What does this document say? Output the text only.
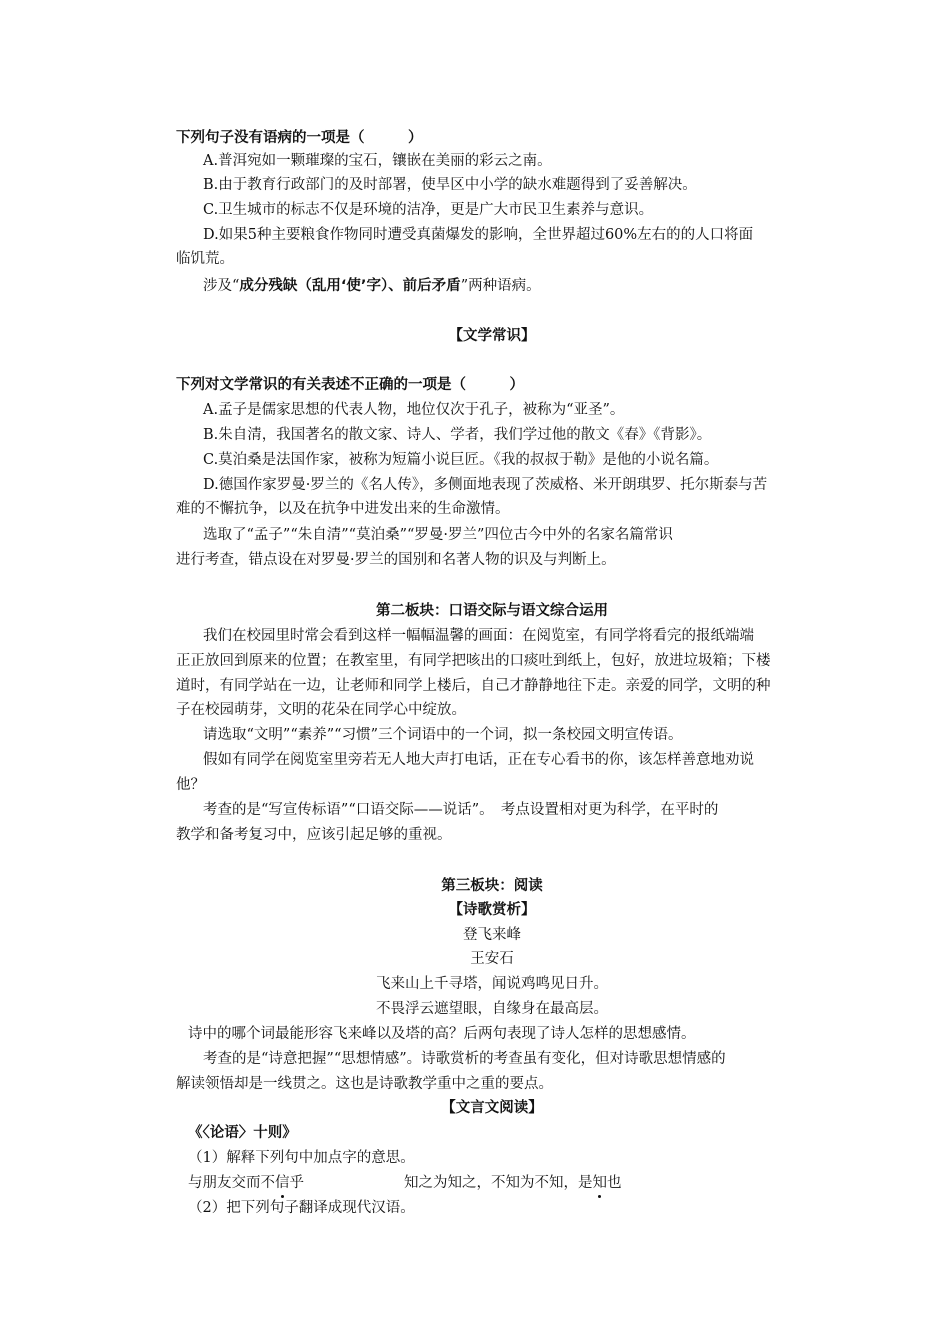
下列句子没有语病的一项是（　　　）
A.普洱宛如一颗璀璨的宝石，镶嵌在美丽的彩云之南。
B.由于教育行政部门的及时部署，使旱区中小学的缺水难题得到了妥善解决。
C.卫生城市的标志不仅是环境的洁净，更是广大市民卫生素养与意识。
D.如果5种主要粮食作物同时遭受真菌爆发的影响，全世界超过60%左右的的人口将面
临饥荒。
涉及“成分残缺（乱用‘使’字）、前后矛盾”两种语病。
【文学常识】
下列对文学常识的有关表述不正确的一项是（　　　）
A.孟子是儒家思想的代表人物，地位仅次于孔子，被称为“亚圣”。
B.朱自清，我国著名的散文家、诗人、学者，我们学过他的散文《春》《背影》。
C.莫泊桑是法国作家，被称为短篇小说巨匠。《我的叔叔于勒》是他的小说名篇。
D.德国作家罗曼·罗兰的《名人传》，多侧面地表现了茨威格、米开朗琪罗、托尔斯泰与苦
难的不懈抗争，以及在抗争中进发出来的生命激情。
选取了“孟子”“朱自清”“莫泊桑”“罗曼·罗兰”四位古今中外的名家名篇常识
进行考查，错点设在对罗曼·罗兰的国别和名著人物的识及与判断上。
第二板块：口语交际与语文综合运用
我们在校园里时常会看到这样一幅幅温馨的画面：在阅览室，有同学将看完的报纸端端
正正放回到原来的位置；在教室里，有同学把咳出的口痰吐到纸上，包好，放进垃圾箱；下楼
道时，有同学站在一边，让老师和同学上楼后，自己才静静地往下走。亲爱的同学，文明的种
子在校园萌芽，文明的花朵在同学心中绽放。
请选取“文明”“素养”“习惯”三个词语中的一个词，拟一条校园文明宣传语。
假如有同学在阅览室里旁若无人地大声打电话，正在专心看书的你，该怎样善意地劝说
他？
考查的是“写宣传标语”“口语交际——说话”。　考点设置相对更为科学，在平时的
教学和备考复习中，应该引起足够的重视。
第三板块：阅读
【诗歌赏析】
登飞来峰
王安石
飞来山上千寻塔，闻说鸡鸣见日升。
不畏浮云遮望眼，自缘身在最高层。
诗中的哪个词最能形容飞来峰以及塔的高？后两句表现了诗人怎样的思想感情。
考查的是“诗意把握”“思想情感”。诗歌赏析的考查虽有变化，但对诗歌思想情感的
解读领悟却是一线贯之。这也是诗歌教学重中之重的要点。
【文言文阅读】
《〈论语〉十则》
（1）解释下列句中加点字的意思。
与朋友交而不信乎	知之为知之，不知为不知，是知也
（2）把下列句子翻译成现代汉语。
